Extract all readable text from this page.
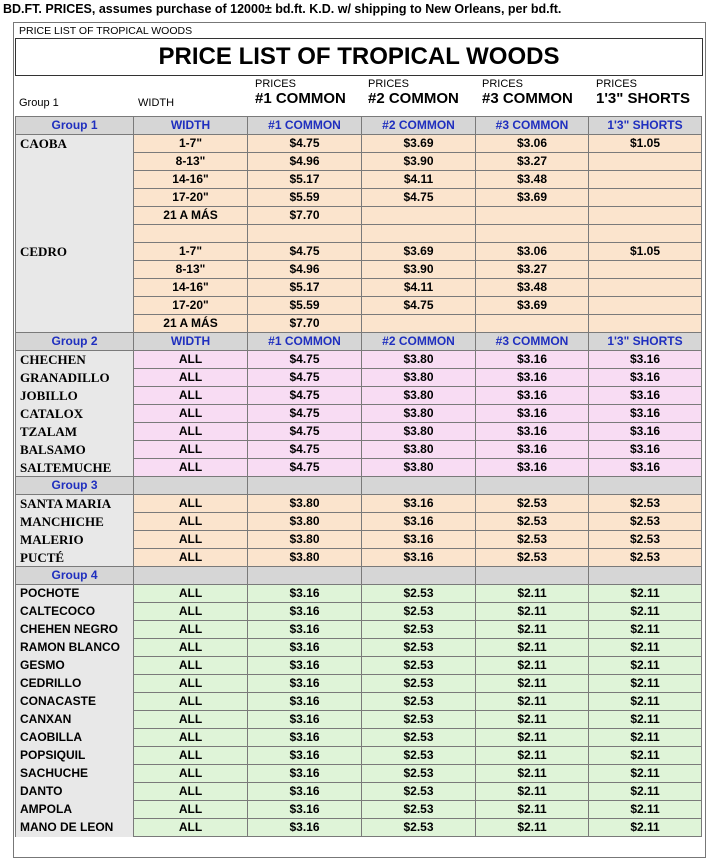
BD.FT. PRICES, assumes purchase of 12000± bd.ft. K.D. w/ shipping to New Orleans, per bd.ft.
PRICE LIST OF TROPICAL WOODS
PRICE LIST OF TROPICAL WOODS
Group 1	WIDTH
PRICES
#1 COMMON
PRICES
#2 COMMON
PRICES
#3 COMMON
PRICES
1'3" SHORTS
Group 1	WIDTH	#1 COMMON	#2 COMMON	#3 COMMON	1'3" SHORTS
CAOBA	1-7"	$4.75	$3.69	$3.06	$1.05
	8-13"	$4.96	$3.90	$3.27	
	14-16"	$5.17	$4.11	$3.48	
	17-20"	$5.59	$4.75	$3.69	
	21 A MÁS	$7.70			

CEDRO	1-7"	$4.75	$3.69	$3.06	$1.05
	8-13"	$4.96	$3.90	$3.27	
	14-16"	$5.17	$4.11	$3.48	
	17-20"	$5.59	$4.75	$3.69	
	21 A MÁS	$7.70			
Group 2	WIDTH	#1 COMMON	#2 COMMON	#3 COMMON	1'3" SHORTS
CHECHEN	ALL	$4.75	$3.80	$3.16	$3.16
GRANADILLO	ALL	$4.75	$3.80	$3.16	$3.16
JOBILLO	ALL	$4.75	$3.80	$3.16	$3.16
CATALOX	ALL	$4.75	$3.80	$3.16	$3.16
TZALAM	ALL	$4.75	$3.80	$3.16	$3.16
BALSAMO	ALL	$4.75	$3.80	$3.16	$3.16
SALTEMUCHE	ALL	$4.75	$3.80	$3.16	$3.16
Group 3					
SANTA MARIA	ALL	$3.80	$3.16	$2.53	$2.53
MANCHICHE	ALL	$3.80	$3.16	$2.53	$2.53
MALERIO	ALL	$3.80	$3.16	$2.53	$2.53
PUCTÉ	ALL	$3.80	$3.16	$2.53	$2.53
Group 4					
POCHOTE	ALL	$3.16	$2.53	$2.11	$2.11
CALTECOCO	ALL	$3.16	$2.53	$2.11	$2.11
CHEHEN NEGRO	ALL	$3.16	$2.53	$2.11	$2.11
RAMON BLANCO	ALL	$3.16	$2.53	$2.11	$2.11
GESMO	ALL	$3.16	$2.53	$2.11	$2.11
CEDRILLO	ALL	$3.16	$2.53	$2.11	$2.11
CONACASTE	ALL	$3.16	$2.53	$2.11	$2.11
CANXAN	ALL	$3.16	$2.53	$2.11	$2.11
CAOBILLA	ALL	$3.16	$2.53	$2.11	$2.11
POPSIQUIL	ALL	$3.16	$2.53	$2.11	$2.11
SACHUCHE	ALL	$3.16	$2.53	$2.11	$2.11
DANTO	ALL	$3.16	$2.53	$2.11	$2.11
AMPOLA	ALL	$3.16	$2.53	$2.11	$2.11
MANO DE LEON	ALL	$3.16	$2.53	$2.11	$2.11
